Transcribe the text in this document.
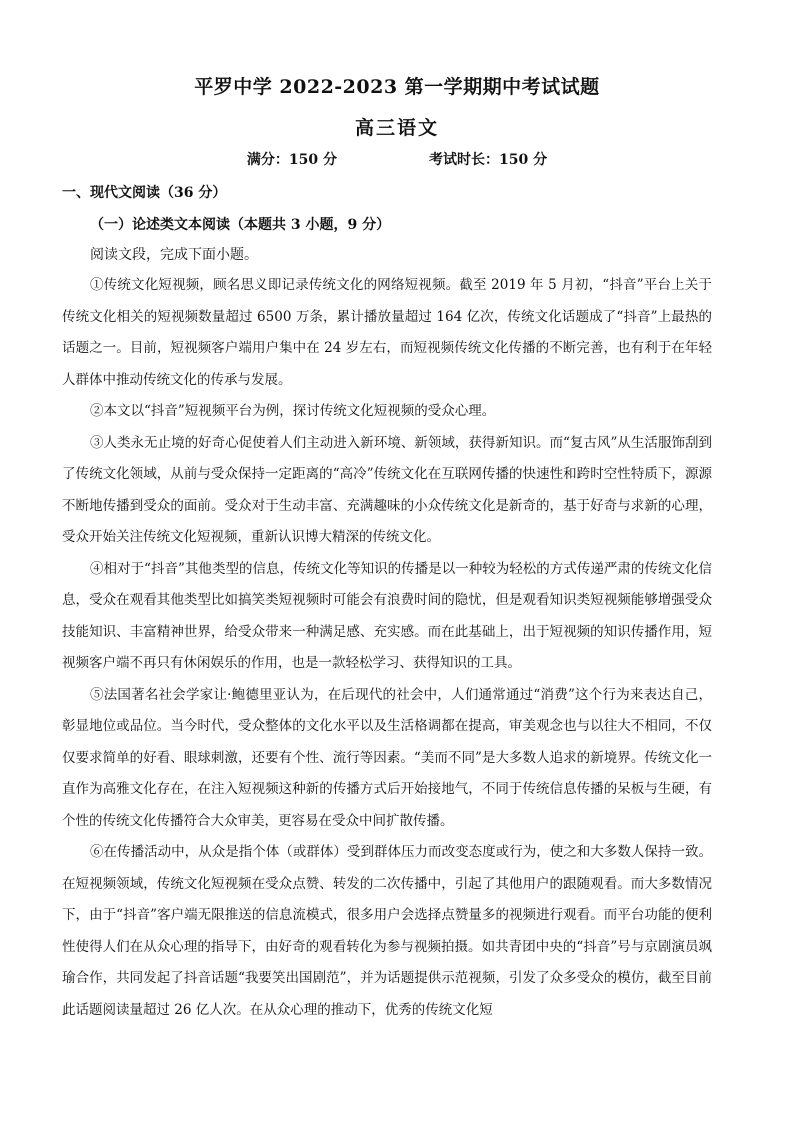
平罗中学 2022-2023 第一学期期中考试试题
高三语文
满分：150 分	考试时长：150 分
一、现代文阅读（36 分）
（一）论述类文本阅读（本题共 3 小题，9 分）
阅读文段，完成下面小题。

①传统文化短视频，顾名思义即记录传统文化的网络短视频。截至 2019 年 5 月初，“抖音”平台上关于传统文化相关的短视频数量超过 6500 万条，累计播放量超过 164 亿次，传统文化话题成了“抖音”上最热的话题之一。目前，短视频客户端用户集中在 24 岁左右，而短视频传统文化传播的不断完善，也有利于在年轻人群体中推动传统文化的传承与发展。

②本文以“抖音”短视频平台为例，探讨传统文化短视频的受众心理。

③人类永无止境的好奇心促使着人们主动进入新环境、新领域，获得新知识。而“复古风”从生活服饰刮到了传统文化领域，从前与受众保持一定距离的“高冷”传统文化在互联网传播的快速性和跨时空性特质下，源源不断地传播到受众的面前。受众对于生动丰富、充满趣味的小众传统文化是新奇的，基于好奇与求新的心理，受众开始关注传统文化短视频，重新认识博大精深的传统文化。

④相对于“抖音”其他类型的信息，传统文化等知识的传播是以一种较为轻松的方式传递严肃的传统文化信息，受众在观看其他类型比如搞笑类短视频时可能会有浪费时间的隐忧，但是观看知识类短视频能够增强受众技能知识、丰富精神世界，给受众带来一种满足感、充实感。而在此基础上，出于短视频的知识传播作用，短视频客户端不再只有休闲娱乐的作用，也是一款轻松学习、获得知识的工具。

⑤法国著名社会学家让·鲍德里亚认为，在后现代的社会中，人们通常通过“消费”这个行为来表达自己，彰显地位或品位。当今时代，受众整体的文化水平以及生活格调都在提高，审美观念也与以往大不相同，不仅仅要求简单的好看、眼球刺激，还要有个性、流行等因素。“美而不同”是大多数人追求的新境界。传统文化一直作为高雅文化存在，在注入短视频这种新的传播方式后开始接地气，不同于传统信息传播的呆板与生硬，有个性的传统文化传播符合大众审美，更容易在受众中间扩散传播。

⑥在传播活动中，从众是指个体（或群体）受到群体压力而改变态度或行为，使之和大多数人保持一致。在短视频领域，传统文化短视频在受众点赞、转发的二次传播中，引起了其他用户的跟随观看。而大多数情况下，由于“抖音”客户端无限推送的信息流模式，很多用户会选择点赞量多的视频进行观看。而平台功能的便利性使得人们在从众心理的指导下，由好奇的观看转化为参与视频拍摄。如共青团中央的“抖音”号与京剧演员飒瑜合作，共同发起了抖音话题“我要笑出国剧范”，并为话题提供示范视频，引发了众多受众的模仿，截至目前此话题阅读量超过 26 亿人次。在从众心理的推动下，优秀的传统文化短
